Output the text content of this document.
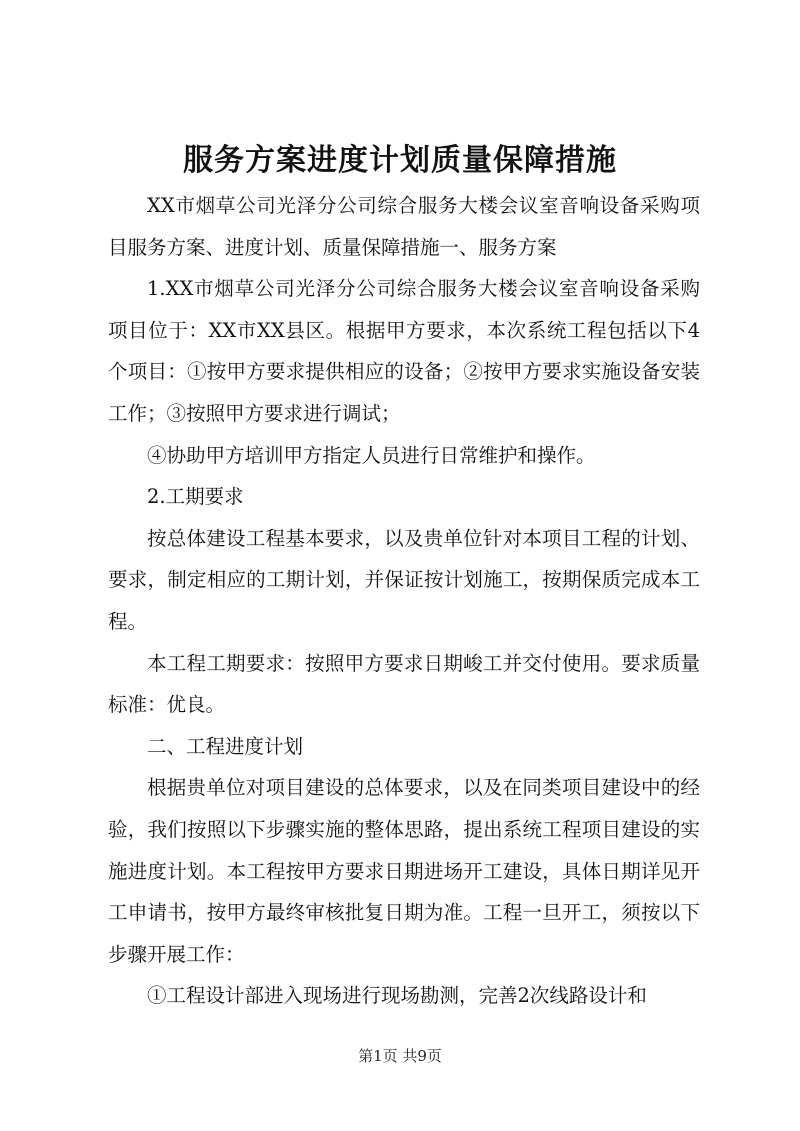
服务方案进度计划质量保障措施

XX市烟草公司光泽分公司综合服务大楼会议室音响设备采购项目服务方案、进度计划、质量保障措施一、服务方案

1.XX市烟草公司光泽分公司综合服务大楼会议室音响设备采购项目位于：XX市XX县区。根据甲方要求，本次系统工程包括以下4个项目：①按甲方要求提供相应的设备；②按甲方要求实施设备安装工作；③按照甲方要求进行调试；

④协助甲方培训甲方指定人员进行日常维护和操作。

2.工期要求

按总体建设工程基本要求，以及贵单位针对本项目工程的计划、要求，制定相应的工期计划，并保证按计划施工，按期保质完成本工程。

本工程工期要求：按照甲方要求日期峻工并交付使用。要求质量标准：优良。

二、工程进度计划

根据贵单位对项目建设的总体要求，以及在同类项目建设中的经验，我们按照以下步骤实施的整体思路，提出系统工程项目建设的实施进度计划。本工程按甲方要求日期进场开工建设，具体日期详见开工申请书，按甲方最终审核批复日期为准。工程一旦开工，须按以下步骤开展工作：

①工程设计部进入现场进行现场勘测，完善2次线路设计和

第1页 共9页
